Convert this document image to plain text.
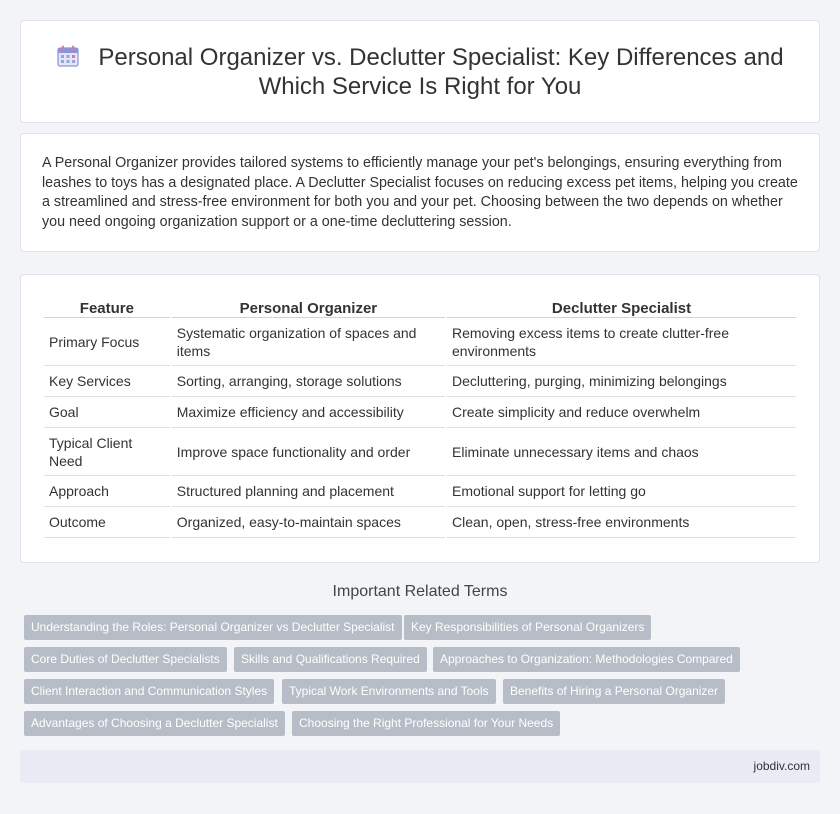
Personal Organizer vs. Declutter Specialist: Key Differences and
Which Service Is Right for You

A Personal Organizer provides tailored systems to efficiently manage your pet's belongings, ensuring everything from leashes to toys has a designated place. A Declutter Specialist focuses on reducing excess pet items, helping you create a streamlined and stress-free environment for both you and your pet. Choosing between the two depends on whether you need ongoing organization support or a one-time decluttering session.

Feature	Personal Organizer	Declutter Specialist
Primary Focus	Systematic organization of spaces and items	Removing excess items to create clutter-free environments
Key Services	Sorting, arranging, storage solutions	Decluttering, purging, minimizing belongings
Goal	Maximize efficiency and accessibility	Create simplicity and reduce overwhelm
Typical Client Need	Improve space functionality and order	Eliminate unnecessary items and chaos
Approach	Structured planning and placement	Emotional support for letting go
Outcome	Organized, easy-to-maintain spaces	Clean, open, stress-free environments
Important Related Terms
Understanding the Roles: Personal Organizer vs Declutter Specialist	Key Responsibilities of Personal Organizers
Core Duties of Declutter Specialists	Skills and Qualifications Required	Approaches to Organization: Methodologies Compared
Client Interaction and Communication Styles	Typical Work Environments and Tools	Benefits of Hiring a Personal Organizer
Advantages of Choosing a Declutter Specialist	Choosing the Right Professional for Your Needs
jobdiv.com
